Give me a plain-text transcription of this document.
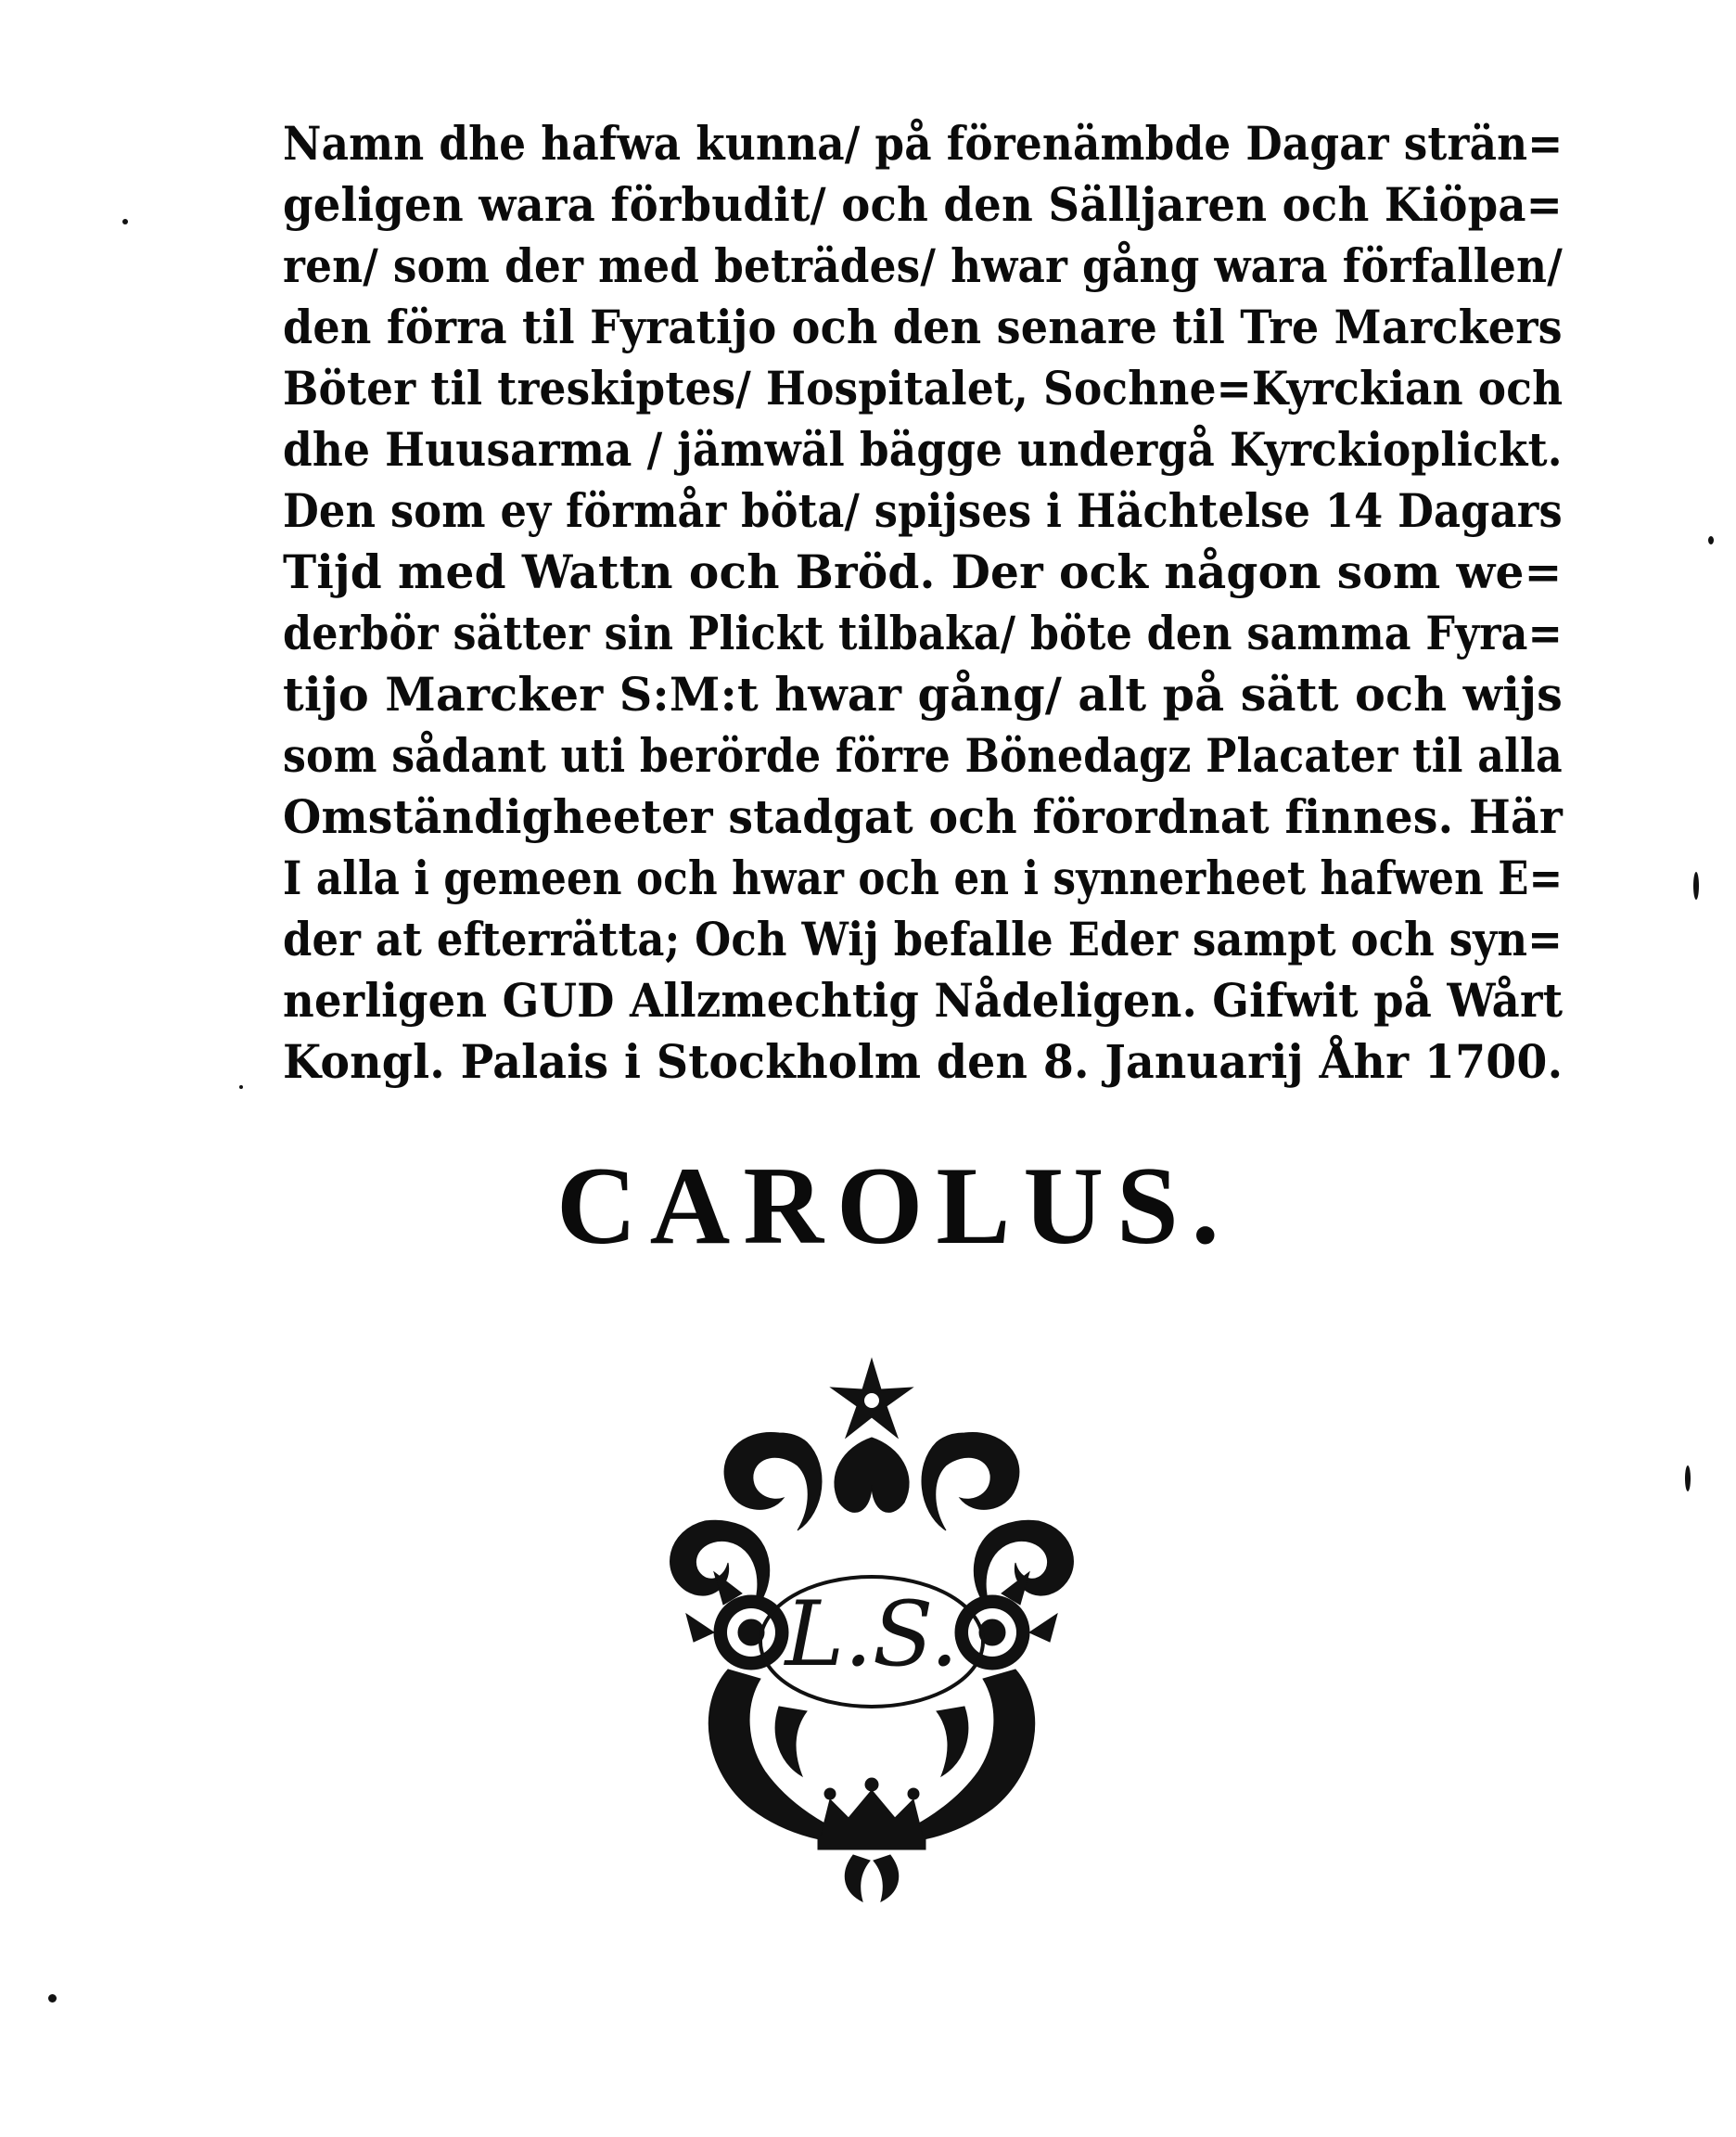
Namn dhe hafwa kunna/ på förenämbde Dagar strän=
geligen wara förbudit/ och den Sälljaren och Kiöpa=
ren/ som der med beträdes/ hwar gång wara förfallen/
den förra til Fyratijo och den senare til Tre Marckers
Böter til treskiptes/ Hospitalet, Sochne=Kyrckian och
dhe Huusarma / jämwäl bägge undergå Kyrckioplickt.
Den som ey förmår böta/ spijses i Hächtelse 14 Dagars
Tijd med Wattn och Bröd. Der ock någon som we=
derbör sätter sin Plickt tilbaka/ böte den samma Fyra=
tijo Marcker S:M:t hwar gång/ alt på sätt och wijs
som sådant uti berörde förre Bönedagz Placater til alla
Omständigheeter stadgat och förordnat finnes. Här
I alla i gemeen och hwar och en i synnerheet hafwen E=
der at efterrätta; Och Wij befalle Eder sampt och syn=
nerligen GUD Allzmechtig Nådeligen. Gifwit på Wårt
Kongl. Palais i Stockholm den 8. Januarij Åhr 1700.
CAROLUS.
L.S.
